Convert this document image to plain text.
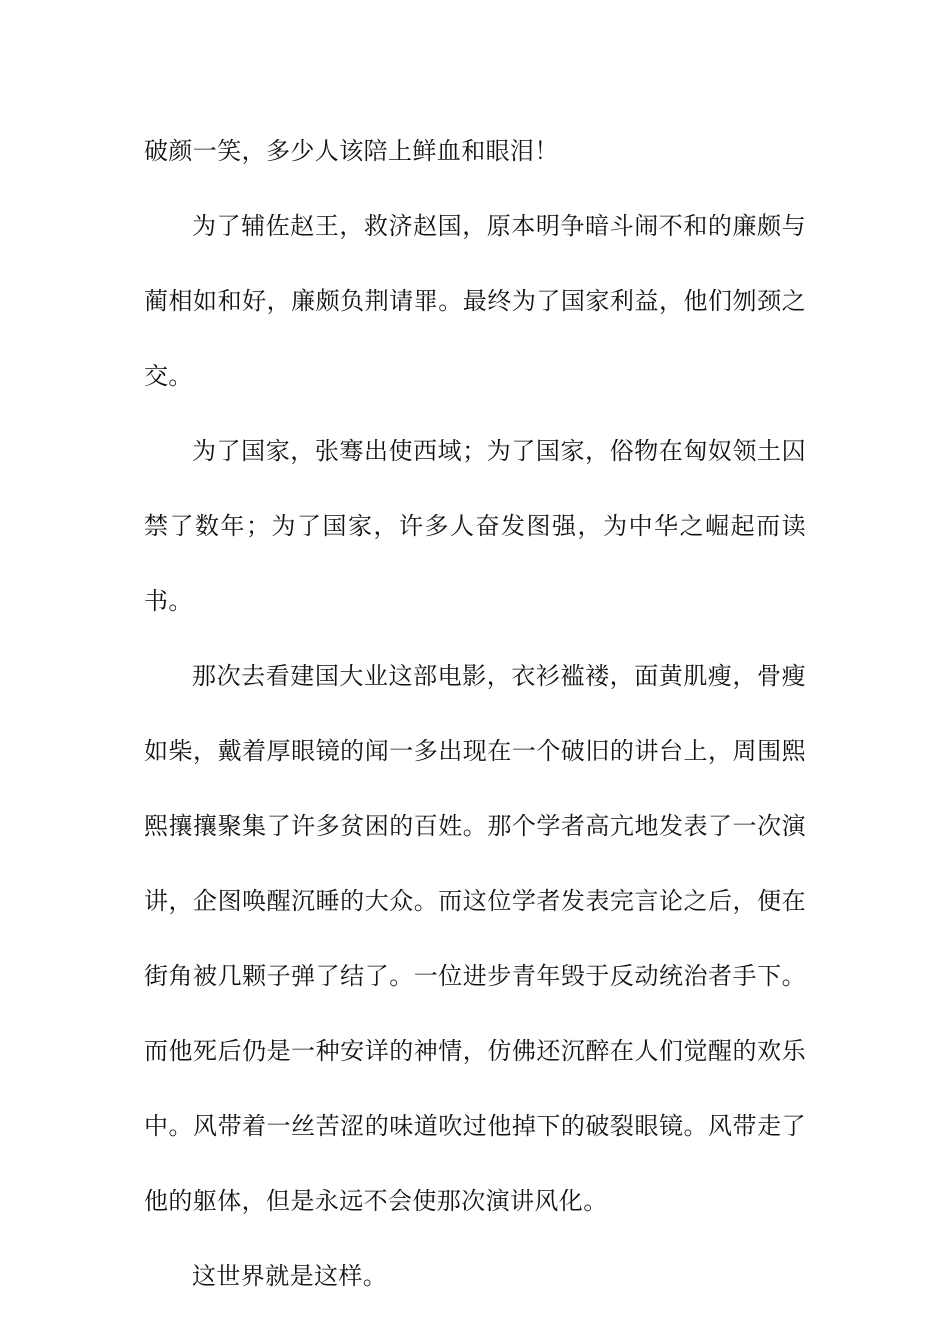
破颜一笑，多少人该陪上鲜血和眼泪！

为了辅佐赵王，救济赵国，原本明争暗斗闹不和的廉颇与蔺相如和好，廉颇负荆请罪。最终为了国家利益，他们刎颈之交。

为了国家，张骞出使西域；为了国家，俗物在匈奴领土囚禁了数年；为了国家，许多人奋发图强，为中华之崛起而读书。

那次去看建国大业这部电影，衣衫褴褛，面黄肌瘦，骨瘦如柴，戴着厚眼镜的闻一多出现在一个破旧的讲台上，周围熙熙攘攘聚集了许多贫困的百姓。那个学者高亢地发表了一次演讲，企图唤醒沉睡的大众。而这位学者发表完言论之后，便在街角被几颗子弹了结了。一位进步青年毁于反动统治者手下。而他死后仍是一种安详的神情，仿佛还沉醉在人们觉醒的欢乐中。风带着一丝苦涩的味道吹过他掉下的破裂眼镜。风带走了他的躯体，但是永远不会使那次演讲风化。

这世界就是这样。
